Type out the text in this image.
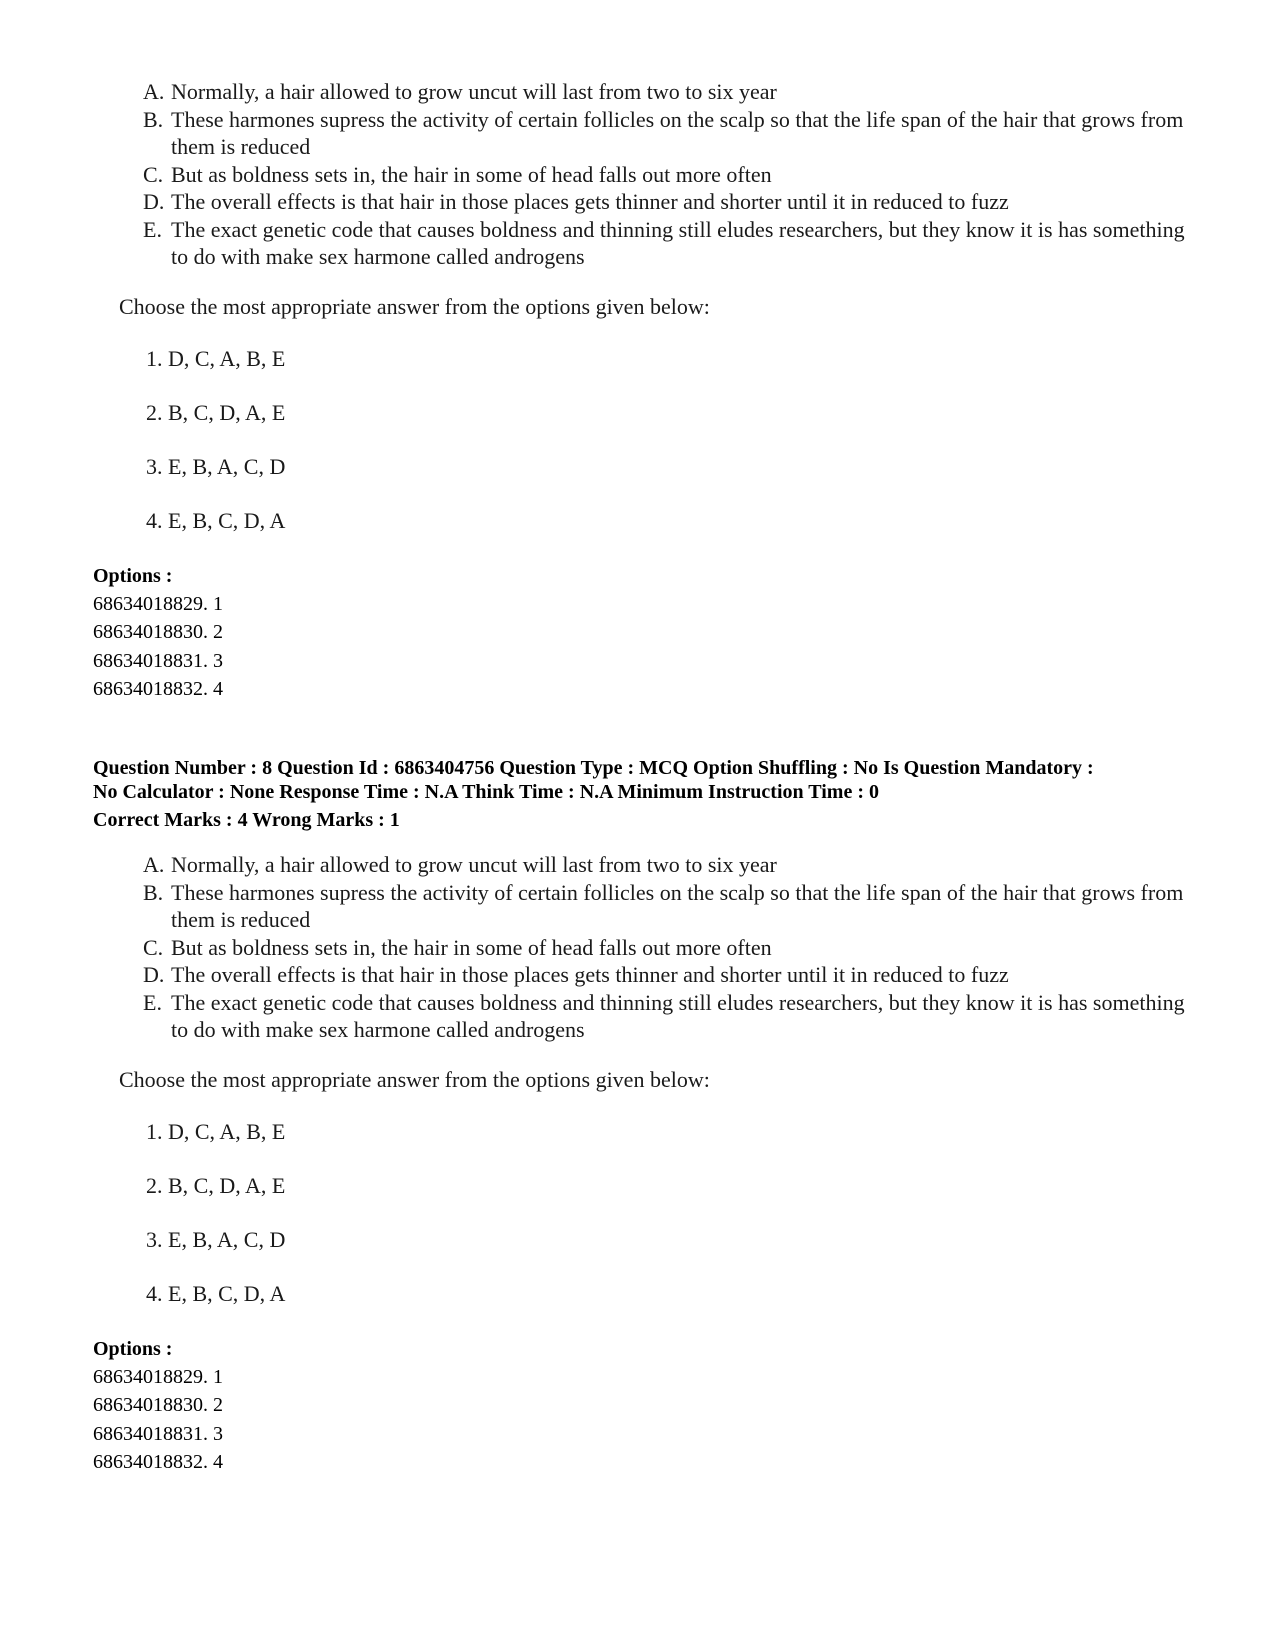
A. Normally, a hair allowed to grow uncut will last from two to six year
B. These harmones supress the activity of certain follicles on the scalp so that the life span of the hair that grows from them is reduced
C. But as boldness sets in, the hair in some of head falls out more often
D. The overall effects is that hair in those places gets thinner and shorter until it in reduced to fuzz
E. The exact genetic code that causes boldness and thinning still eludes researchers, but they know it is has something to do with make sex harmone called androgens
Choose the most appropriate answer from the options given below:
1. D, C, A, B, E
2. B, C, D, A, E
3. E, B, A, C, D
4. E, B, C, D, A
Options :
68634018829. 1
68634018830. 2
68634018831. 3
68634018832. 4
Question Number : 8 Question Id : 6863404756 Question Type : MCQ Option Shuffling : No Is Question Mandatory :
No Calculator : None Response Time : N.A Think Time : N.A Minimum Instruction Time : 0
Correct Marks : 4 Wrong Marks : 1
A. Normally, a hair allowed to grow uncut will last from two to six year
B. These harmones supress the activity of certain follicles on the scalp so that the life span of the hair that grows from them is reduced
C. But as boldness sets in, the hair in some of head falls out more often
D. The overall effects is that hair in those places gets thinner and shorter until it in reduced to fuzz
E. The exact genetic code that causes boldness and thinning still eludes researchers, but they know it is has something to do with make sex harmone called androgens
Choose the most appropriate answer from the options given below:
1. D, C, A, B, E
2. B, C, D, A, E
3. E, B, A, C, D
4. E, B, C, D, A
Options :
68634018829. 1
68634018830. 2
68634018831. 3
68634018832. 4
